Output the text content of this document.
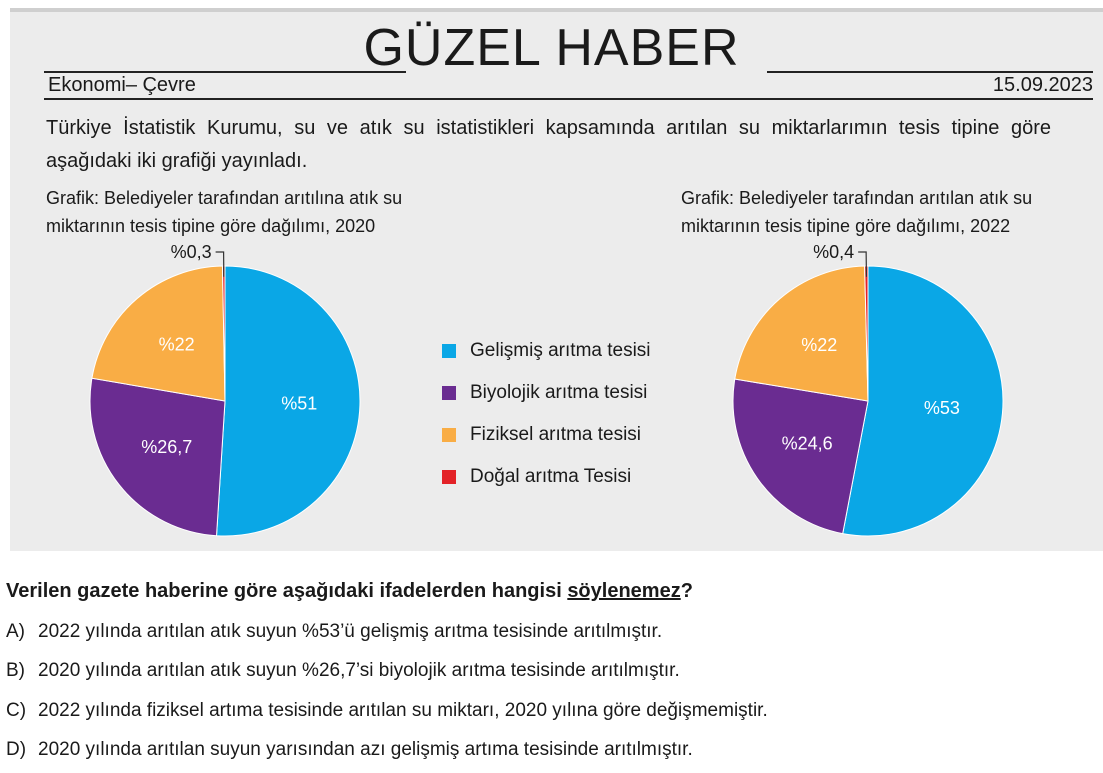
GÜZEL HABER
Ekonomi– Çevre	15.09.2023
Türkiye İstatistik Kurumu, su ve atık su istatistikleri kapsamında arıtılan su miktarlarımın tesis tipine göre aşağıdaki iki grafiği yayınladı.
Grafik: Belediyeler tarafından arıtılına atık su miktarının tesis tipine göre dağılımı, 2020
Grafik: Belediyeler tarafından arıtılan atık su miktarının tesis tipine göre dağılımı, 2022
%51
%26,7
%22
%0,3
%53
%24,6
%22
%0,4
Gelişmiş arıtma tesisi
Biyolojik arıtma tesisi
Fiziksel arıtma tesisi
Doğal arıtma Tesisi
Verilen gazete haberine göre aşağıdaki ifadelerden hangisi söylenemez?
A) 2022 yılında arıtılan atık suyun %53’ü gelişmiş arıtma tesisinde arıtılmıştır.
B) 2020 yılında arıtılan atık suyun %26,7’si biyolojik arıtma tesisinde arıtılmıştır.
C) 2022 yılında fiziksel artıma tesisinde arıtılan su miktarı, 2020 yılına göre değişmemiştir.
D) 2020 yılında arıtılan suyun yarısından azı gelişmiş artıma tesisinde arıtılmıştır.
